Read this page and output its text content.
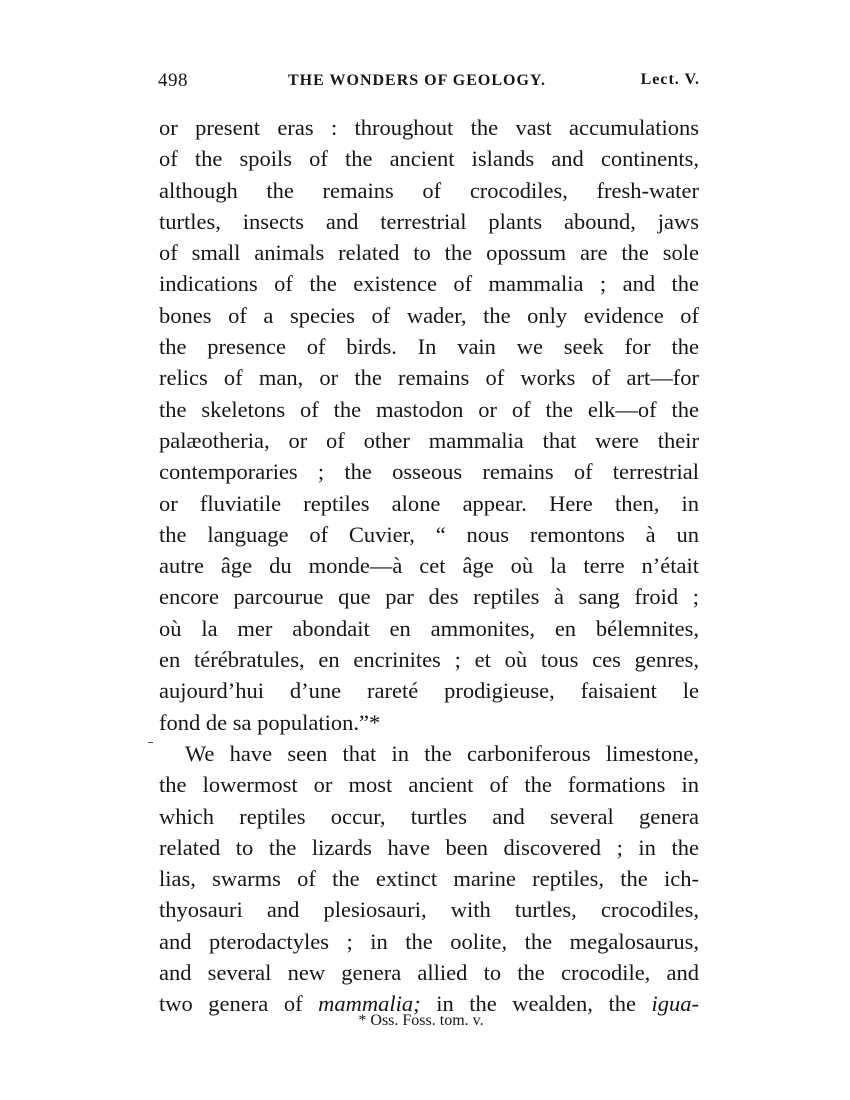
498	THE WONDERS OF GEOLOGY.	Lect. V.
or present eras : throughout the vast accumulations
of the spoils of the ancient islands and continents,
although the remains of crocodiles, fresh-water
turtles, insects and terrestrial plants abound, jaws
of small animals related to the opossum are the sole
indications of the existence of mammalia ; and the
bones of a species of wader, the only evidence of
the presence of birds. In vain we seek for the
relics of man, or the remains of works of art—for
the skeletons of the mastodon or of the elk—of the
palæotheria, or of other mammalia that were their
contemporaries ; the osseous remains of terrestrial
or fluviatile reptiles alone appear. Here then, in
the language of Cuvier, “ nous remontons à un
autre âge du monde—à cet âge où la terre n’était
encore parcourue que par des reptiles à sang froid ;
où la mer abondait en ammonites, en bélemnites,
en térébratules, en encrinites ; et où tous ces genres,
aujourd’hui d’une rareté prodigieuse, faisaient le
fond de sa population.”*
We have seen that in the carboniferous limestone,
the lowermost or most ancient of the formations in
which reptiles occur, turtles and several genera
related to the lizards have been discovered ; in the
lias, swarms of the extinct marine reptiles, the ich-
thyosauri and plesiosauri, with turtles, crocodiles,
and pterodactyles ; in the oolite, the megalosaurus,
and several new genera allied to the crocodile, and
two genera of mammalia; in the wealden, the igua-
* Oss. Foss. tom. v.
